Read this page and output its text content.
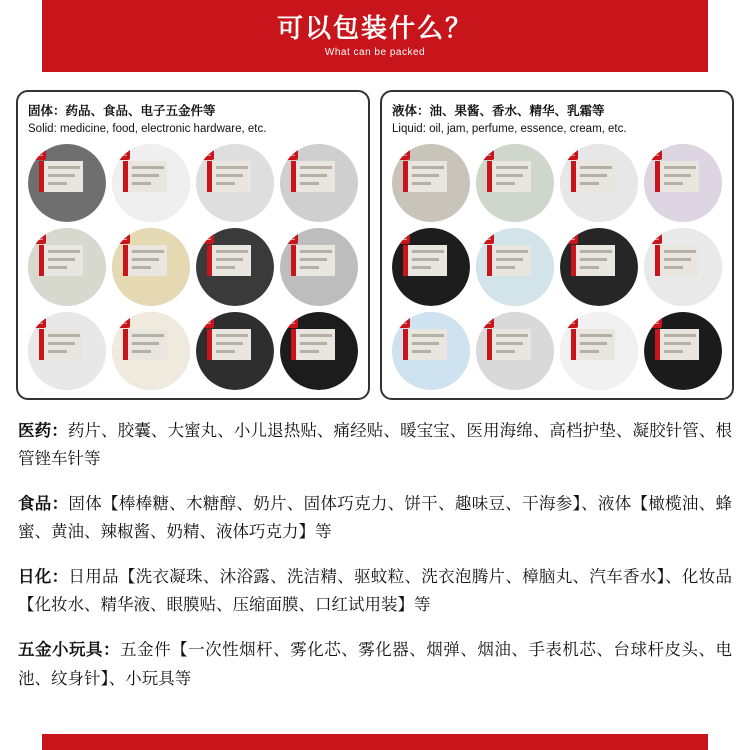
可以包装什么？
What can be packed
固体：药品、食品、电子五金件等
Solid: medicine, food, electronic hardware, etc.
包	包	包	包
包	包	包	包
包	包	包	包
液体：油、果酱、香水、精华、乳霜等
Liquid: oil, jam, perfume, essence, cream, etc.
包	包	包	包
包	包	包	包
包	包	包	包

医药：药片、胶囊、大蜜丸、小儿退热贴、痛经贴、暖宝宝、医用海绵、高档护垫、凝胶针管、根管锉车针等

食品：固体【棒棒糖、木糖醇、奶片、固体巧克力、饼干、趣味豆、干海参】、液体【橄榄油、蜂蜜、黄油、辣椒酱、奶精、液体巧克力】等

日化：日用品【洗衣凝珠、沐浴露、洗洁精、驱蚊粒、洗衣泡腾片、樟脑丸、汽车香水】、化妆品【化妆水、精华液、眼膜贴、压缩面膜、口红试用装】等

五金小玩具：五金件【一次性烟杆、雾化芯、雾化器、烟弹、烟油、手表机芯、台球杆皮头、电池、纹身针】、小玩具等
